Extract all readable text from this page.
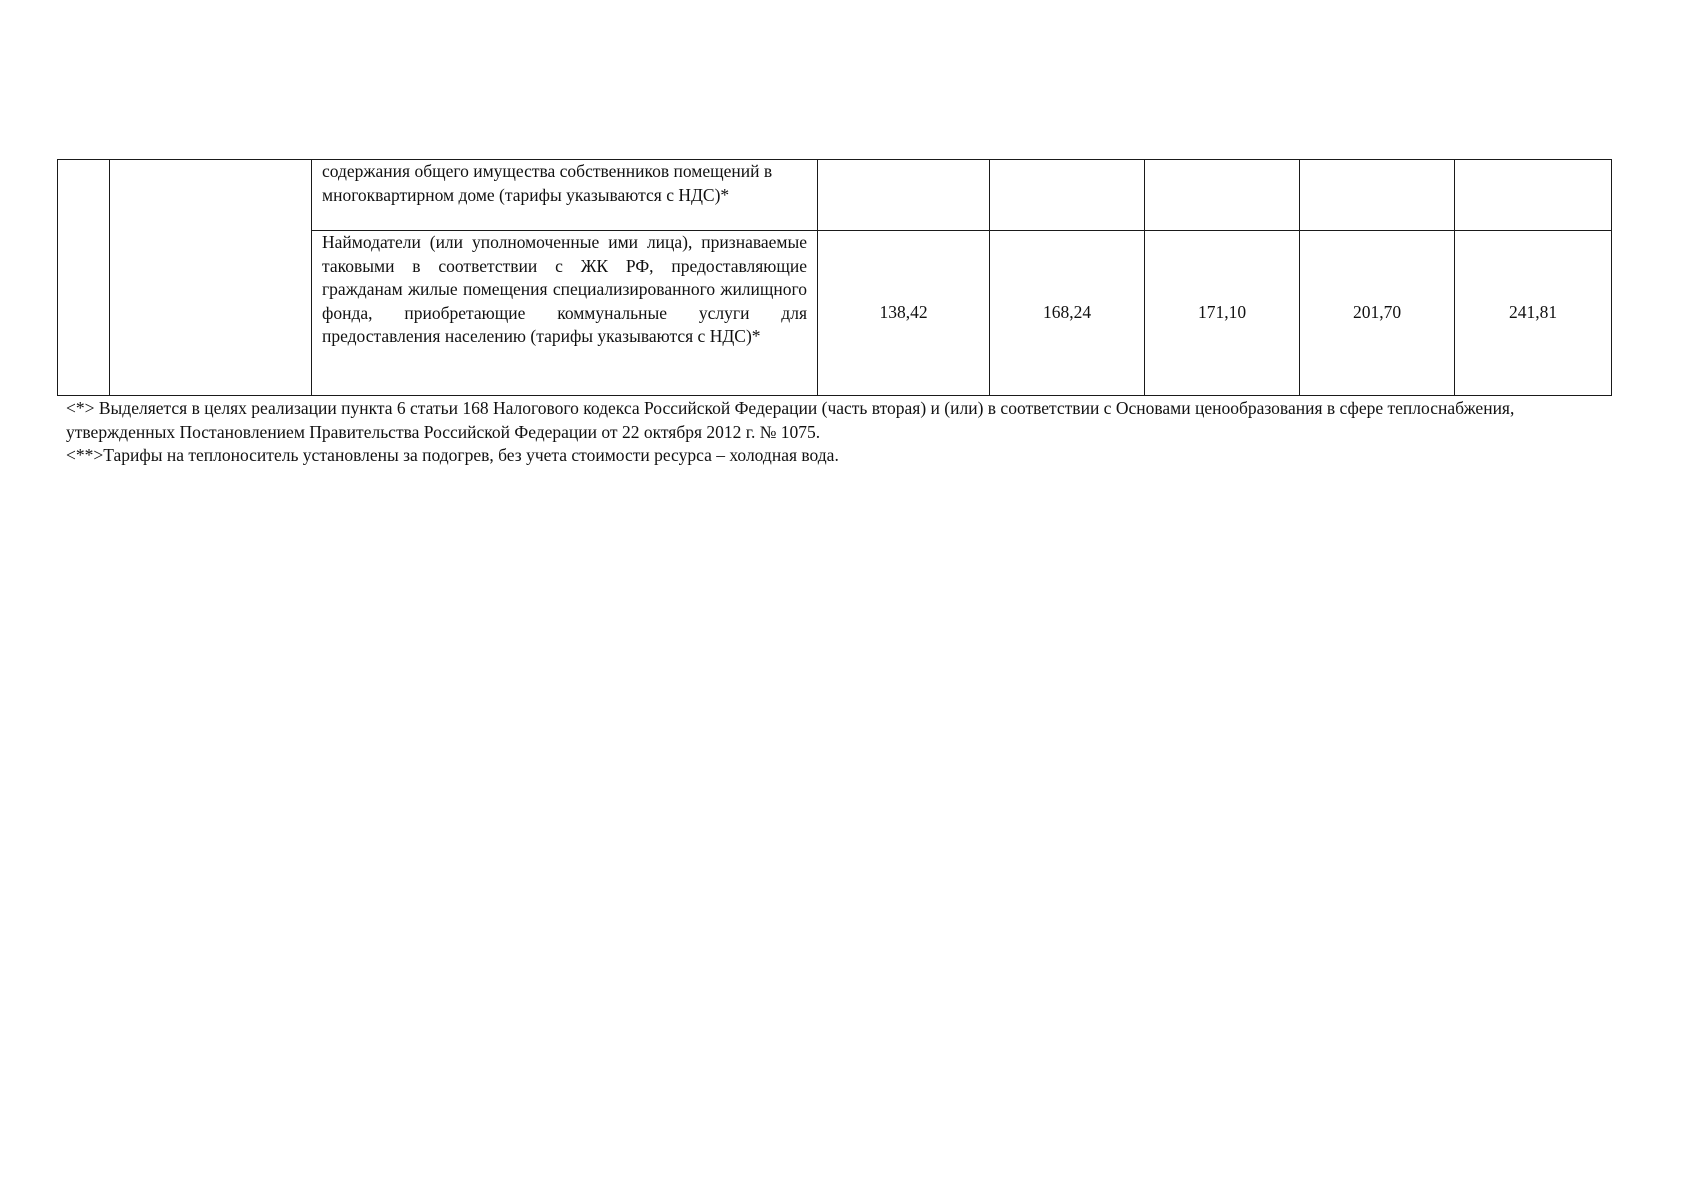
		содержания общего имущества собственников помещений в многоквартирном доме (тарифы указываются с НДС)*					
		Наймодатели (или уполномоченные ими лица), признаваемые таковыми в соответствии с ЖК РФ, предоставляющие гражданам жилые помещения специализированного жилищного фонда, приобретающие коммунальные услуги для предоставления населению (тарифы указываются с НДС)*	138,42	168,24	171,10	201,70	241,81

<*> Выделяется в целях реализации пункта 6 статьи 168 Налогового кодекса Российской Федерации (часть вторая) и (или) в соответствии с Основами ценообразования в сфере теплоснабжения, утвержденных Постановлением Правительства Российской Федерации от 22 октября 2012 г. № 1075.

<**>Тарифы на теплоноситель установлены за подогрев, без учета стоимости ресурса – холодная вода.
